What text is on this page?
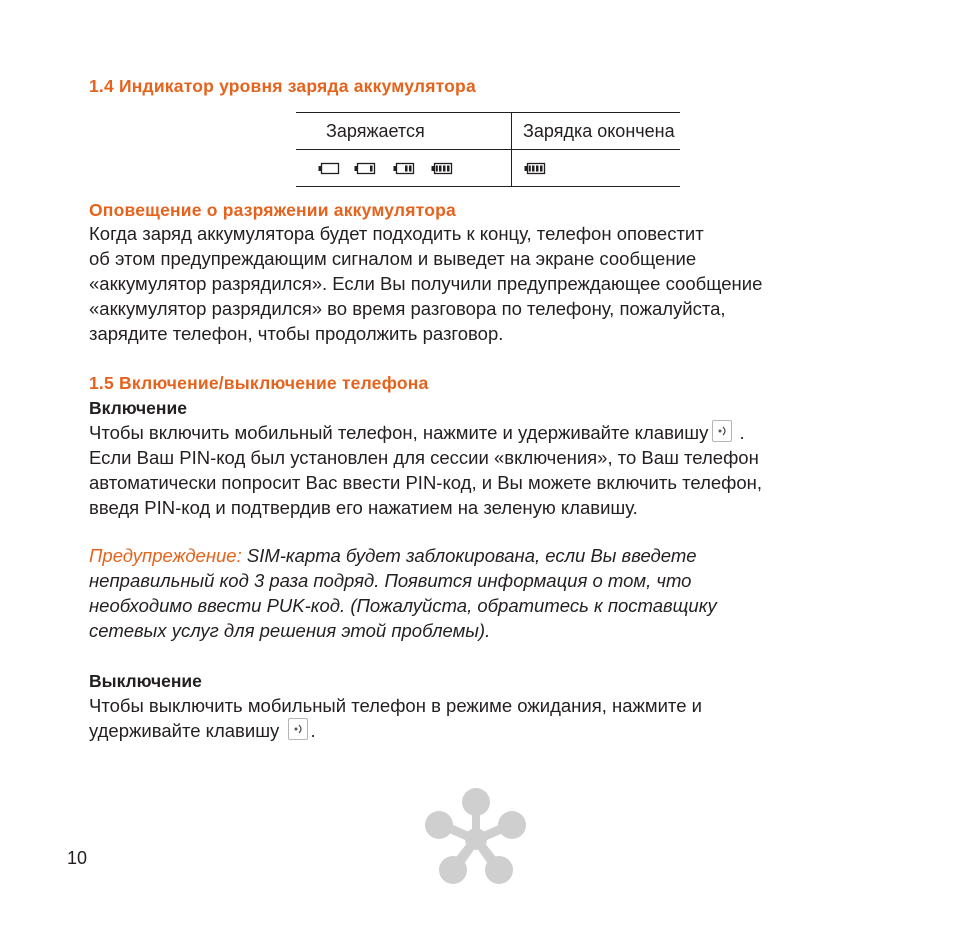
1.4 Индикатор уровня заряда аккумулятора
Заряжается	Зарядка окончена

Оповещение о разряжении аккумулятора
Когда заряд аккумулятора будет подходить к концу, телефон оповестит
об этом предупреждающим сигналом и выведет на экране сообщение
«аккумулятор разрядился». Если Вы получили предупреждающее сообщение
«аккумулятор разрядился» во время разговора по телефону, пожалуйста,
зарядите телефон, чтобы продолжить разговор.
1.5 Включение/выключение телефона
Включение
Чтобы включить мобильный телефон, нажмите и удерживайте клавишу .
Если Ваш PIN-код был установлен для сессии «включения», то Ваш телефон
автоматически попросит Вас ввести PIN-код, и Вы можете включить телефон,
введя PIN-код и подтвердив его нажатием на зеленую клавишу.
Предупреждение: SIM-карта будет заблокирована, если Вы введете
неправильный код 3 раза подряд. Появится информация о том, что
необходимо ввести PUK-код. (Пожалуйста, обратитесь к поставщику
сетевых услуг для решения этой проблемы).
Выключение
Чтобы выключить мобильный телефон в режиме ожидания, нажмите и
удерживайте клавишу .
10
